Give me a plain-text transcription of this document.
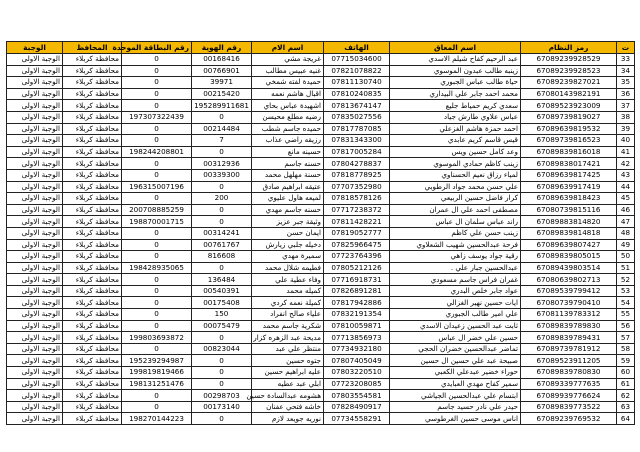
ت	رمز النظام	اسم المعاق	الهاتف	اسم الام	رقم الهوية	رقم البطاقة الموحدة	المحافظ	الوجبة
33	67089239928529	عبد الرحيم كفاح شيلم الاسدي	07715034600	غريجة مشي	00168416	0	محافظة كربلاء	الوجبة الاولى
34	67089239928523	زينبه طالب عبدون الموسوي	07821078822	غنيه عبيس مطالب	00766901	0	محافظة كربلاء	الوجبة الاولى
35	67089239827021	حياة طالب عباس الجبوري	07811130740	حميدة لفته شمخي	39971	0	محافظة كربلاء	الوجبة الاولى
36	67080143982191	محمد احمد جابر علي البيداري	07810240835	اقبال هاشم نعمه	00215420	0	محافظة كربلاء	الوجبة الاولى
37	67089523923009	سعدي كريم حمياط جليع	07813674147	اشهيدة عباس بحاي	195289911681	0	محافظة كربلاء	الوجبة الاولى
38	67089739819027	عباس علاوي طارش جياد	07835027556	رضيه مطلع محيسن	0	197307322439	محافظة كربلاء	الوجبة الاولى
39	67089639819532	احمد حمزة هاشم الغزعلي	07817787085	حميده جاسم شطب	00214484	0	محافظة كربلاء	الوجبة الاولى
40	67089739816523	قيس قاسم كريم عابدي	07831343300	رزيقه راضي عذاب	7	0	محافظة كربلاء	الوجبة الاولى
41	67089839816018	وعد كامل حسين ويس	07817005284	حسينه مانع	0	198244208801	محافظة كربلاء	الوجبة الاولى
42	67089838017421	زينب كاظم حمادي الموسوي	07804278837	حسنه جاسم	00312936	0	محافظة كربلاء	الوجبة الاولى
43	67089639817425	لمياء رزاق نعيم الحسناوي	07818778925	حسنة مهلهل محمد	00339300	0	محافظة كربلاء	الوجبة الاولى
44	67089639917419	علي حسن محمد جواد الرطوبي	07707352980	عتيقه ابراهيم صادق	0	196315007196	محافظة كربلاء	الوجبة الاولى
45	67089639818423	كرار فاضل حسين الربيعي	07818578126	لميعه هاول عليوي	200	0	محافظة كربلاء	الوجبة الاولى
46	67080739815116	مصطفى احمد علي ال عمران	07717238372	حسنه جاسم مهدي	0	200708885259	محافظة كربلاء	الوجبة الاولى
47	67089883814820	راند عباس سلمان ال عباس	07811428221	وثيقة جبر عزيز	0	198870001715	محافظة كربلاء	الوجبة الاولى
48	67089839814818	زينب حسن علي كاظم	07819052777	ايمان حسن	00314241	0	محافظة كربلاء	الوجبة الاولى
49	67089639807427	فرحة عبدالحسين شهيب الشعلاوي	07825966475	دخيله جلبي زيارش	00761767	0	محافظة كربلاء	الوجبة الاولى
50	67089839805015	رقية جواد يوسف زاهي	07723764396	سميرة مهدي	816608	0	محافظة كربلاء	الوجبة الاولى
51	67089439803514	عبدالحسين جبار علي .	07805212126	فطيمه شلال محمد	0	198428935065	محافظة كربلاء	الوجبة الاولى
52	67080639802713	غفران فراس جاسم مسعودي	07716918731	وفاء عطية علي	136484	0	محافظة كربلاء	الوجبة الاولى
53	67089539799412	عواد جابر خلص البدري	07826891281	كميله محمد	00540391	0	محافظة كربلاء	الوجبة الاولى
54	67080739790410	ايات حسين نهير الغزالي	07817942886	كميلة نعمه كردي	00175408	0	محافظة كربلاء	الوجبة الاولى
55	67081139783312	علي امير طالب الجبوري	07832191354	علياء صالح انفراد	150	0	محافظة كربلاء	الوجبة الاولى
56	67089839789830	ثابت عبد الحسين زعيدان الاسدي	07810059871	شكرية جاسم محمد	00075479	0	محافظة كربلاء	الوجبة الاولى
57	67089839789431	حسين علي خضر ال عباس	07713856973	مديحة عبد الزهره كزار	0	199803693872	محافظة كربلاء	الوجبة الاولى
58	67089739781912	تماضر عبدالحسين خضران الحجي	07734932180	منتظر علي عبد	00823044	0	محافظة كربلاء	الوجبة الاولى
59	67089523911205	صبيحة عبد علي حسين ال حسين	07807405049	جتوه حسين	0	195239294987	محافظة كربلاء	الوجبة الاولى
60	67089839780830	حوراء خضير عبدعلي الكعبي	07803220510	عليه ابراهيم حسين	0	199819819466	محافظة كربلاء	الوجبة الاولى
61	67089339777635	سمير كفاح مهدي العبايدي	07723208085	ابلي عبد عطيه	0	198131251476	محافظة كربلاء	الوجبة الاولى
62	67089939776624	ابتسام علي عبدالحسين الجياشي	07803554581	هشومه عبدالسادة حسين	00298703	0	محافظة كربلاء	الوجبة الاولى
63	67089839773522	حيدر علي نادر حسيد جاسم	07828490917	خاشه فتحي عفنان	00173140	0	محافظة كربلاء	الوجبة الاولى
64	67089239769532	اناس موسى حسين الغرطوسي	07734558291	نوريه جويعد لازم	0	198270144223	محافظة كربلاء	الوجبة الاولى
